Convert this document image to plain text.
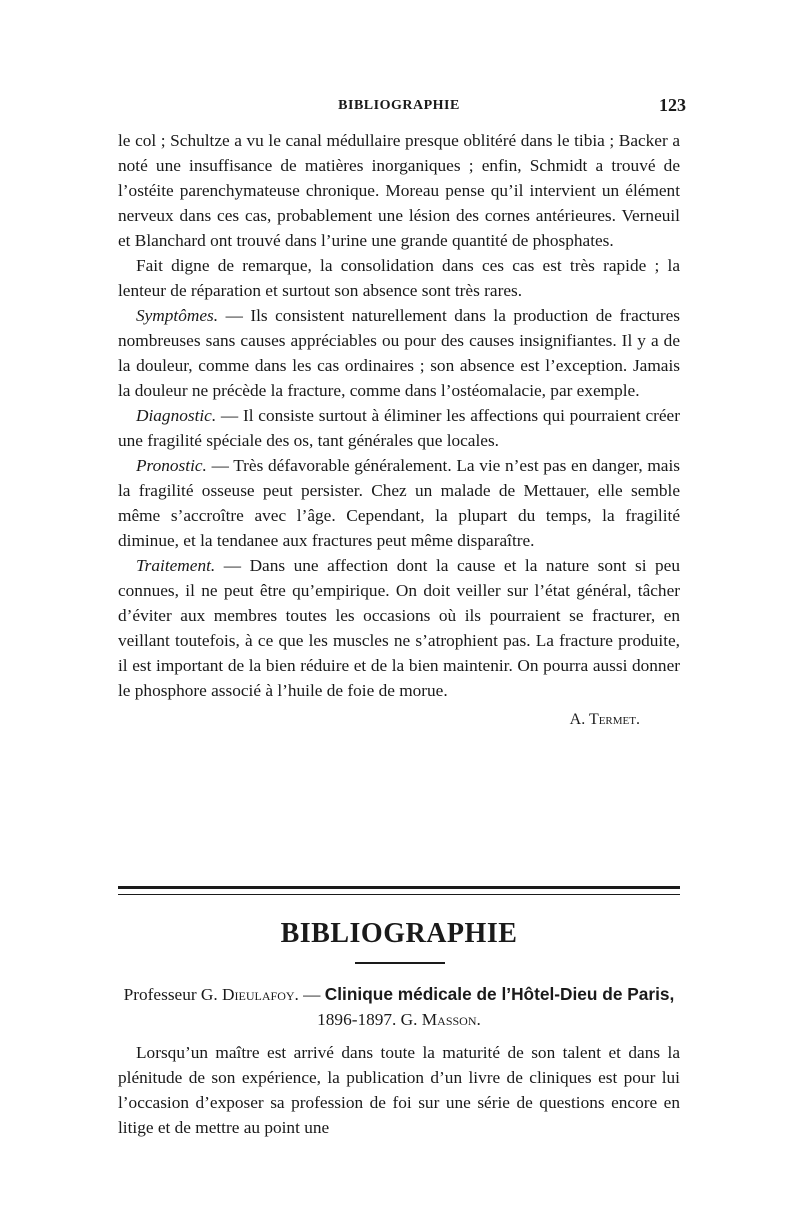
BIBLIOGRAPHIE	123

le col ; Schultze a vu le canal médullaire presque oblitéré dans le tibia ; Backer a noté une insuffisance de matières inorganiques ; enfin, Schmidt a trouvé de l’ostéite parenchymateuse chronique. Moreau pense qu’il intervient un élément nerveux dans ces cas, probablement une lésion des cornes antérieures. Verneuil et Blanchard ont trouvé dans l’urine une grande quantité de phosphates.

Fait digne de remarque, la consolidation dans ces cas est très rapide ; la lenteur de réparation et surtout son absence sont très rares.

Symptômes. — Ils consistent naturellement dans la production de fractures nombreuses sans causes appréciables ou pour des causes insignifiantes. Il y a de la douleur, comme dans les cas ordinaires ; son absence est l’exception. Jamais la douleur ne précède la fracture, comme dans l’ostéomalacie, par exemple.

Diagnostic. — Il consiste surtout à éliminer les affections qui pourraient créer une fragilité spéciale des os, tant générales que locales.

Pronostic. — Très défavorable généralement. La vie n’est pas en danger, mais la fragilité osseuse peut persister. Chez un malade de Mettauer, elle semble même s’accroître avec l’âge. Cependant, la plupart du temps, la fragilité diminue, et la tendanee aux fractures peut même disparaître.

Traitement. — Dans une affection dont la cause et la nature sont si peu connues, il ne peut être qu’empirique. On doit veiller sur l’état général, tâcher d’éviter aux membres toutes les occasions où ils pourraient se fracturer, en veillant toutefois, à ce que les muscles ne s’atrophient pas. La fracture produite, il est important de la bien réduire et de la bien maintenir. On pourra aussi donner le phosphore associé à l’huile de foie de morue.

A. Termet.
BIBLIOGRAPHIE
Professeur G. Dieulafoy. — Clinique médicale de l’Hôtel-Dieu de Paris, 1896-1897. G. Masson.

Lorsqu’un maître est arrivé dans toute la maturité de son talent et dans la plénitude de son expérience, la publication d’un livre de cliniques est pour lui l’occasion d’exposer sa profession de foi sur une série de questions encore en litige et de mettre au point une
